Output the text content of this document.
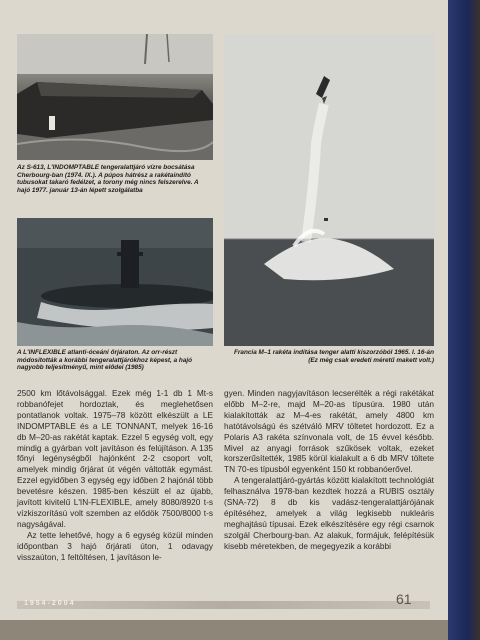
Az S-613, L'INDOMPTABLE tengeralattjáró vízre bocsátása Cherbourg-ban (1974. IX.). A púpos hátrész a rakétaindító tubusokat takaró fedélzet, a torony még nincs felszerelve. A hajó 1977. január 13-án lépett szolgálatba
A L'INFLEXIBLE atlanti-óceáni őrjáraton. Az orr-részt módosították a korábbi tengeralattjárókhoz képest, a hajó nagyobb teljesítményű, mint elődei (1985)
Francia M–1 rakéta indítása tenger alatti kiszorzóból 1965. I. 16-án (Ez még csak eredeti méretű makett volt.)

2500 km lőtávolsággal. Ezek még 1-1 db 1 Mt-s robbanófejet hordoztak, és meglehetősen pontatlanok voltak. 1975–78 között elkészült a LE INDOMPTABLE és a LE TONNANT, melyek 16-16 db M–20-as rakétát kaptak. Ezzel 5 egység volt, egy mindig a gyárban volt javításon és felújításon. A 135 főnyi legénységből hajónként 2-2 csoport volt, amelyek mindig őrjárat út végén váltották egymást. Ezzel egyidőben 3 egység egy időben 2 hajónál több bevetésre készen. 1985-ben készült el az újabb, javított kivitelű L'IN-FLEXIBLE, amely 8080/8920 t-s vízkiszorítású volt szemben az elődök 7500/8000 t-s nagyságával.

Az tette lehetővé, hogy a 6 egység közül minden időpontban 3 hajó őrjárati úton, 1 odavagy visszaúton, 1 feltöltésen, 1 javításon le-

gyen. Minden nagyjavításon lecserélték a régi rakétákat előbb M–2-re, majd M–20-as típusúra. 1980 után kialakították az M–4-es rakétát, amely 4800 km hatótávolságú és szétváló MRV töltetet hordozott. Ez a Polaris A3 rakéta színvonala volt, de 15 évvel később. Mivel az anyagi források szűkösek voltak, ezeket korszerűsítették, 1985 körül kialakult a 6 db MRV töltete TN 70-es típusból egyenként 150 kt robbanóerővel.

A tengeralattjáró-gyártás között kialakított technológiát felhasználva 1978-ban kezdtek hozzá a RUBIS osztály (SNA-72) 8 db kis vadász-tengeralattjárójának építéséhez, amelyek a világ legkisebb nukleáris meghajtású típusai. Ezek elkészítésére egy régi csarnok szolgál Cherbourg-ban. Az alakuk, formájuk, felépítésük kisebb méretekben, de megegyezik a korábbi

1954-2004	61
